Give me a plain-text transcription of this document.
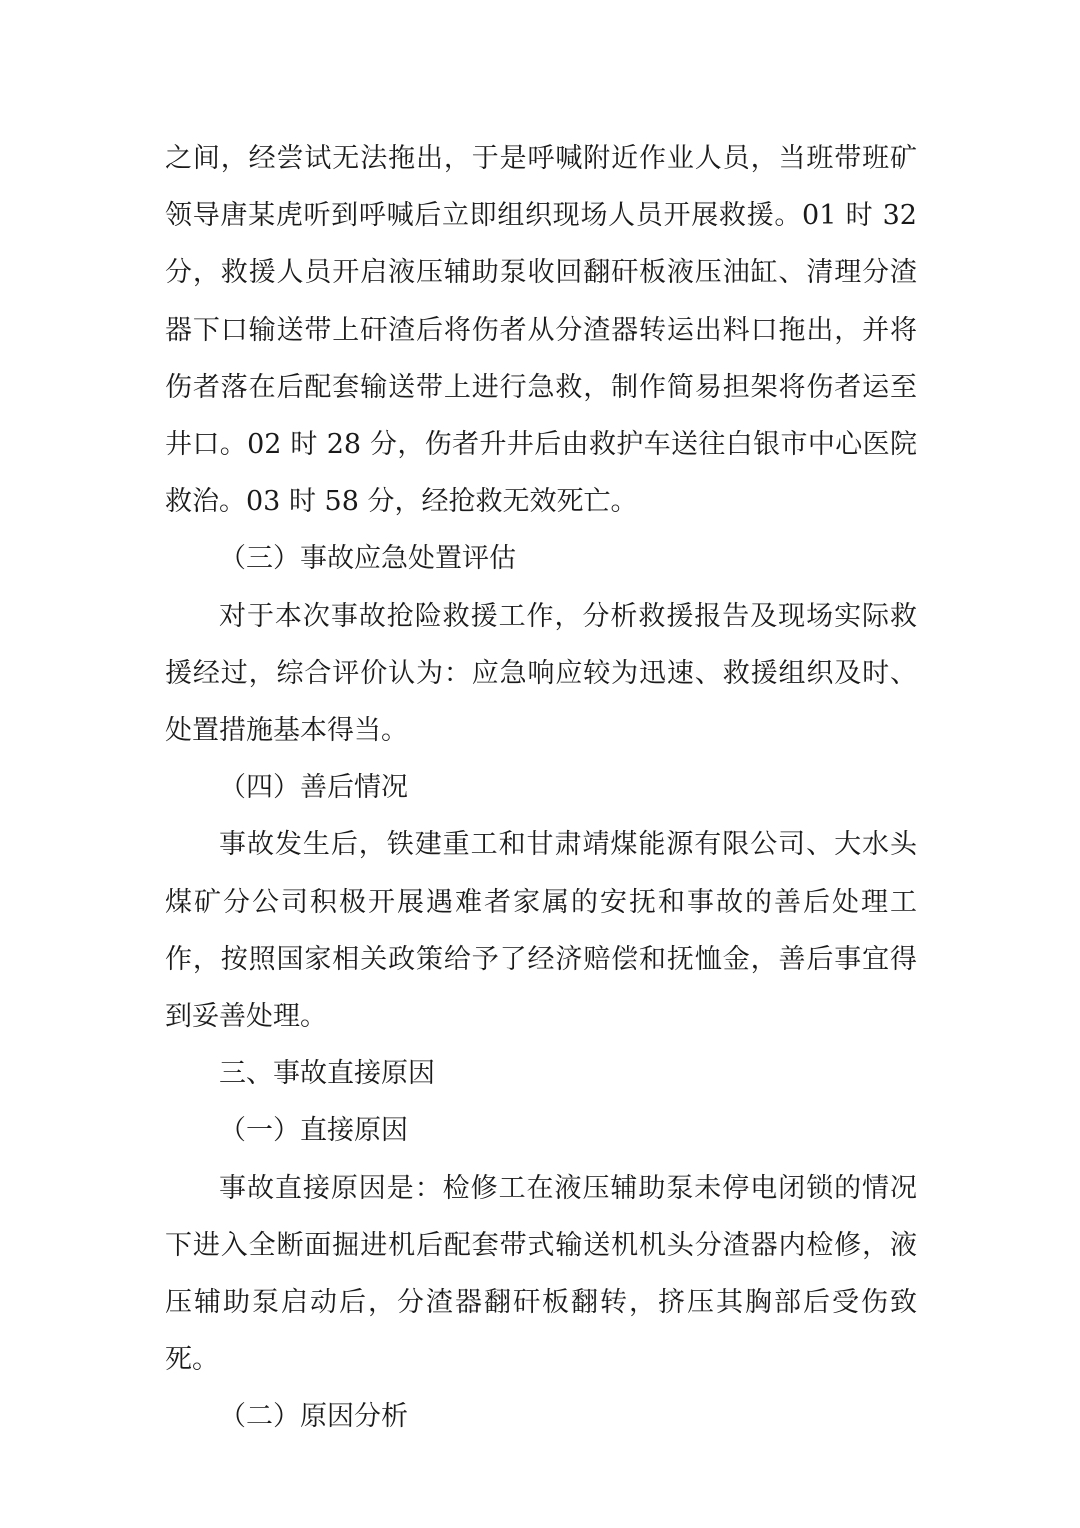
之间，经尝试无法拖出，于是呼喊附近作业人员，当班带班矿领导唐某虎听到呼喊后立即组织现场人员开展救援。01 时 32 分，救援人员开启液压辅助泵收回翻矸板液压油缸、清理分渣器下口输送带上矸渣后将伤者从分渣器转运出料口拖出，并将伤者落在后配套输送带上进行急救，制作简易担架将伤者运至井口。02 时 28 分，伤者升井后由救护车送往白银市中心医院救治。03 时 58 分，经抢救无效死亡。

（三）事故应急处置评估

对于本次事故抢险救援工作，分析救援报告及现场实际救援经过，综合评价认为：应急响应较为迅速、救援组织及时、处置措施基本得当。

（四）善后情况

事故发生后，铁建重工和甘肃靖煤能源有限公司、大水头煤矿分公司积极开展遇难者家属的安抚和事故的善后处理工作，按照国家相关政策给予了经济赔偿和抚恤金，善后事宜得到妥善处理。

三、事故直接原因

（一）直接原因

事故直接原因是：检修工在液压辅助泵未停电闭锁的情况下进入全断面掘进机后配套带式输送机机头分渣器内检修，液压辅助泵启动后，分渣器翻矸板翻转，挤压其胸部后受伤致死。

（二）原因分析
